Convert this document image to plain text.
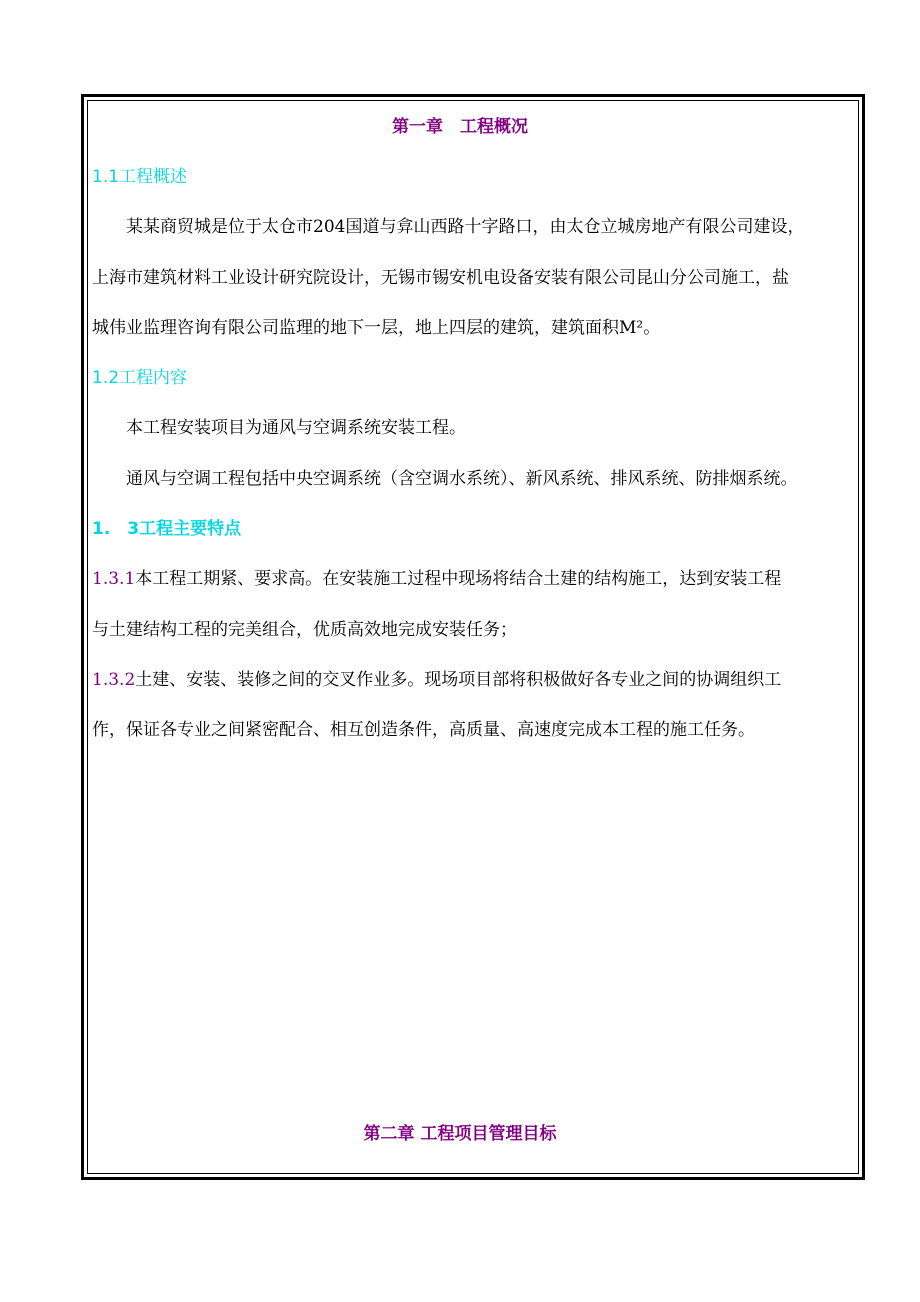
第一章　工程概况
1.1工程概述
某某商贸城是位于太仓市204国道与弇山西路十字路口，由太仓立城房地产有限公司建设，
上海市建筑材料工业设计研究院设计，无锡市锡安机电设备安装有限公司昆山分公司施工，盐
城伟业监理咨询有限公司监理的地下一层，地上四层的建筑，建筑面积M²。
1.2工程内容
本工程安装项目为通风与空调系统安装工程。
通风与空调工程包括中央空调系统（含空调水系统）、新风系统、排风系统、防排烟系统。
1.　3工程主要特点
1.3.1本工程工期紧、要求高。在安装施工过程中现场将结合土建的结构施工，达到安装工程
与土建结构工程的完美组合，优质高效地完成安装任务；
1.3.2土建、安装、装修之间的交叉作业多。现场项目部将积极做好各专业之间的协调组织工
作，保证各专业之间紧密配合、相互创造条件，高质量、高速度完成本工程的施工任务。
第二章 工程项目管理目标
